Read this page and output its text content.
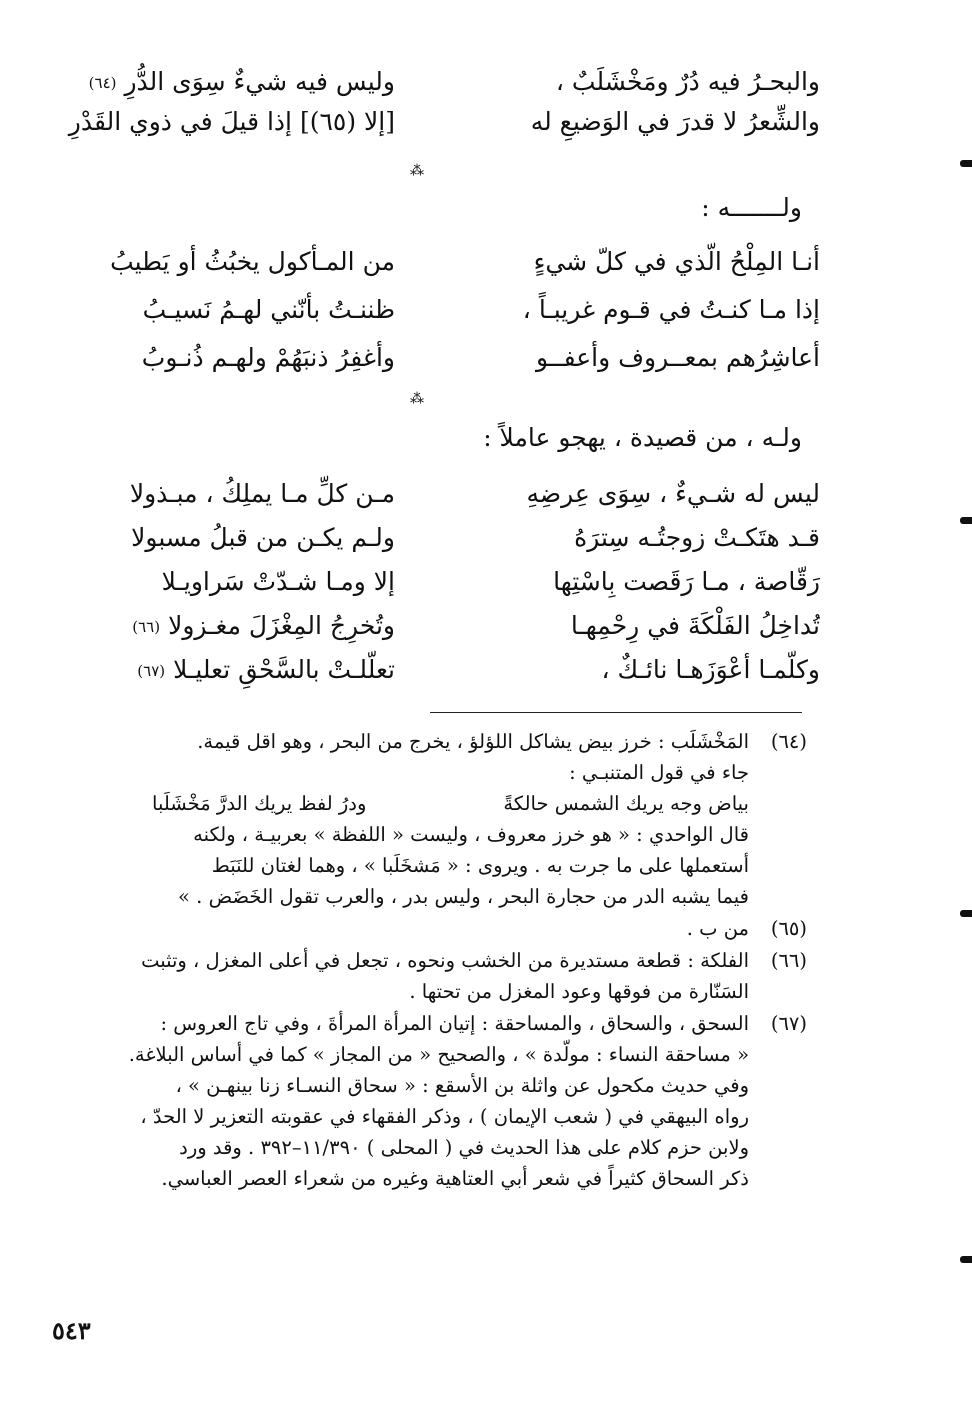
والبحـرُ فيه دُرٌ ومَخْشَلَبٌ ،
وليس فيه شيءٌ سِوَى الدُّرِ (٦٤)
والشِّعرُ لا قدرَ في الوَضيعِ له
[إلا (٦٥)] إذا قيلَ في ذوي القَدْرِ
⁂
ولـــــــه :
أنـا المِلْحُ الّذي في كلّ شيءٍ
من المـأكول يخبُثُ أو يَطيبُ
إذا مـا كنـتُ في قـوم غريبـاً ،
ظننـتُ بأنّني لهـمُ نَسيـبُ
أعاشِرُهم بمعــروف وأعفــو
وأغفِرُ ذنبَهُمْ ولهـم ذُنـوبُ
⁂
ولـه ، من قصيدة ، يهجو عاملاً :
ليس له شـيءٌ ، سِوَى عِرضِهِ
مـن كلِّ مـا يملِكُ ، مبـذولا
قـد هتَكـتْ زوجتُـه سِترَهُ
ولـم يكـن من قبلُ مسبولا
رَقّاصة ، مـا رَقَصت بِاسْتِها
إلا ومـا شـدّتْ سَراويـلا
تُداخِلُ الفَلْكَةَ في رِحْمِهـا
وتُخرِجُ المِغْزَلَ مغـزولا (٦٦)
وكلّمـا أعْوَزَهـا نائـكٌ ،
تعلّلـتْ بالسَّحْقِ تعليـلا (٦٧)
(٦٤)
المَخْشَلَب : خرز بيض يشاكل اللؤلؤ ، يخرج من البحر ، وهو اقل قيمة.
جاء في قول المتنبـي :
بياض وجه يريك الشمس حالكةً
ودرُ لفظ يريك الدرَّ مَخْشَلَبا
قال الواحدي : « هو خرز معروف ، وليست « اللفظة » بعربيـة ، ولكنه
أستعملها على ما جرت به . ويروى : « مَشخَلَبا » ، وهما لغتان للنَبَط
فيما يشبه الدر من حجارة البحر ، وليس بدر ، والعرب تقول الخَضَض . »
(٦٥)
من ب .
(٦٦)
الفلكة : قطعة مستديرة من الخشب ونحوه ، تجعل في أعلى المغزل ، وتثبت
السَنّارة من فوقها وعود المغزل من تحتها .
(٦٧)
السحق ، والسحاق ، والمساحقة : إتيان المرأة المرأةَ ، وفي تاج العروس :
« مساحقة النساء : مولّدة » ، والصحيح « من المجاز » كما في أساس البلاغة.
وفي حديث مكحول عن واثلة بن الأسقع : « سحاق النسـاء زنا بينهـن » ،
رواه البيهقي في ( شعب الإيمان ) ، وذكر الفقهاء في عقوبته التعزير لا الحدّ ،
ولابن حزم كلام على هذا الحديث في ( المحلى ) ١١/٣٩٠–٣٩٢ . وقد ورد
ذكر السحاق كثيراً في شعر أبي العتاهية وغيره من شعراء العصر العباسي.
٥٤٣
